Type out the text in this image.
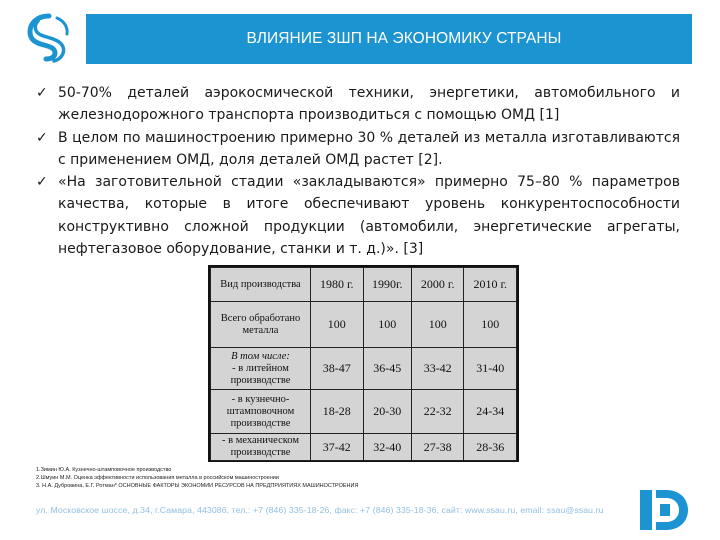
ВЛИЯНИЕ ЗШП НА ЭКОНОМИКУ СТРАНЫ
✓ 50-70% деталей аэрокосмической техники, энергетики, автомобильного и железнодорожного транспорта производиться с помощью ОМД [1]
✓ В целом по машиностроению примерно 30 % деталей из металла изготавливаются с применением ОМД, доля деталей ОМД растет [2].
✓ «На заготовительной стадии «закладываются» примерно 75–80 % параметров качества, которые в итоге обеспечивают уровень конкурентоспособности конструктивно сложной продукции (автомобили, энергетические агрегаты, нефтегазовое оборудование, станки и т. д.)». [3]
Вид производства	1980 г.	1990г.	2000 г.	2010 г.
Всего обработано металла	100	100	100	100
В том числе:
- в литейном производстве	38-47	36-45	33-42	31-40
- в кузнечно-штамповочном производстве	18-28	20-30	22-32	24-34
- в механическом производстве	37-42	32-40	27-38	28-36
1.Зимин Ю.А. Кузнечно-штамповочное производство
2.Шмуин М.М. Оценка эффективности использования металла в российском машиностроении
3. Н.А. Дубровина, Е.Г. Ротман* ОСНОВНЫЕ ФАКТОРЫ ЭКОНОМИИ РЕСУРСОВ НА ПРЕДПРИЯТИЯХ МАШИНОСТРОЕНИЯ
ул. Московское шоссе, д.34, г.Самара, 443086, тел.: +7 (846) 335-18-26, факс: +7 (846) 335-18-36, сайт: www.ssau.ru, email: ssau@ssau.ru
